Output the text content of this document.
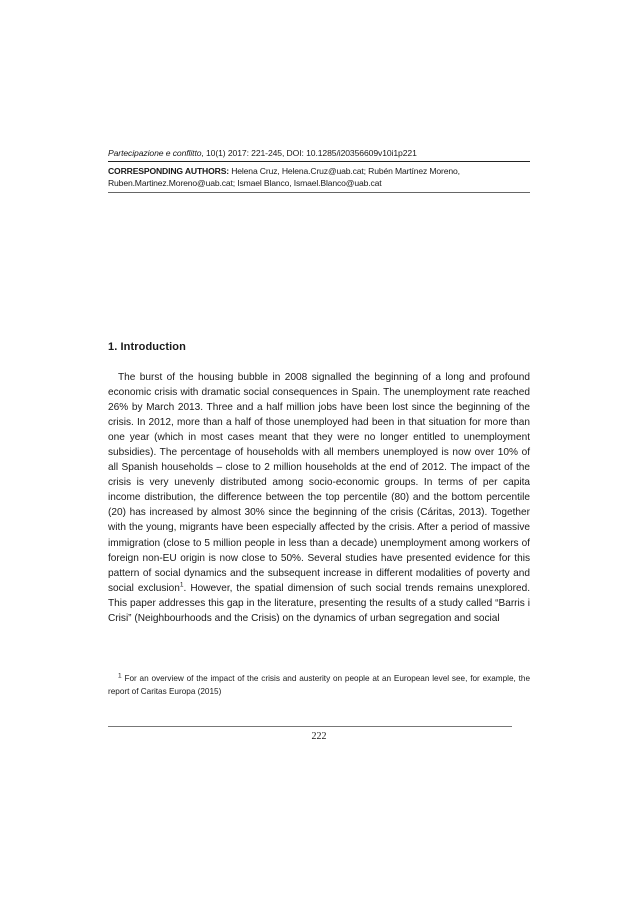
Partecipazione e conflitto, 10(1) 2017: 221-245, DOI: 10.1285/i20356609v10i1p221
CORRESPONDING AUTHORS: Helena Cruz, Helena.Cruz@uab.cat; Rubén Martínez Moreno,
Ruben.Martinez.Moreno@uab.cat; Ismael Blanco, Ismael.Blanco@uab.cat
1. Introduction

The burst of the housing bubble in 2008 signalled the beginning of a long and profound economic crisis with dramatic social consequences in Spain. The unemployment rate reached 26% by March 2013. Three and a half million jobs have been lost since the beginning of the crisis. In 2012, more than a half of those unemployed had been in that situation for more than one year (which in most cases meant that they were no longer entitled to unemployment subsidies). The percentage of households with all members unemployed is now over 10% of all Spanish households – close to 2 million households at the end of 2012. The impact of the crisis is very unevenly distributed among socio-economic groups. In terms of per capita income distribution, the difference between the top percentile (80) and the bottom percentile (20) has increased by almost 30% since the beginning of the crisis (Cáritas, 2013). Together with the young, migrants have been especially affected by the crisis. After a period of massive immigration (close to 5 million people in less than a decade) unemployment among workers of foreign non-EU origin is now close to 50%. Several studies have presented evidence for this pattern of social dynamics and the subsequent increase in different modalities of poverty and social exclusion$^1$. However, the spatial dimension of such social trends remains unexplored. This paper addresses this gap in the literature, presenting the results of a study called “Barris i Crisi” (Neighbourhoods and the Crisis) on the dynamics of urban segregation and social

$^1$ For an overview of the impact of the crisis and austerity on people at an European level see, for example, the report of Caritas Europa (2015)

222
